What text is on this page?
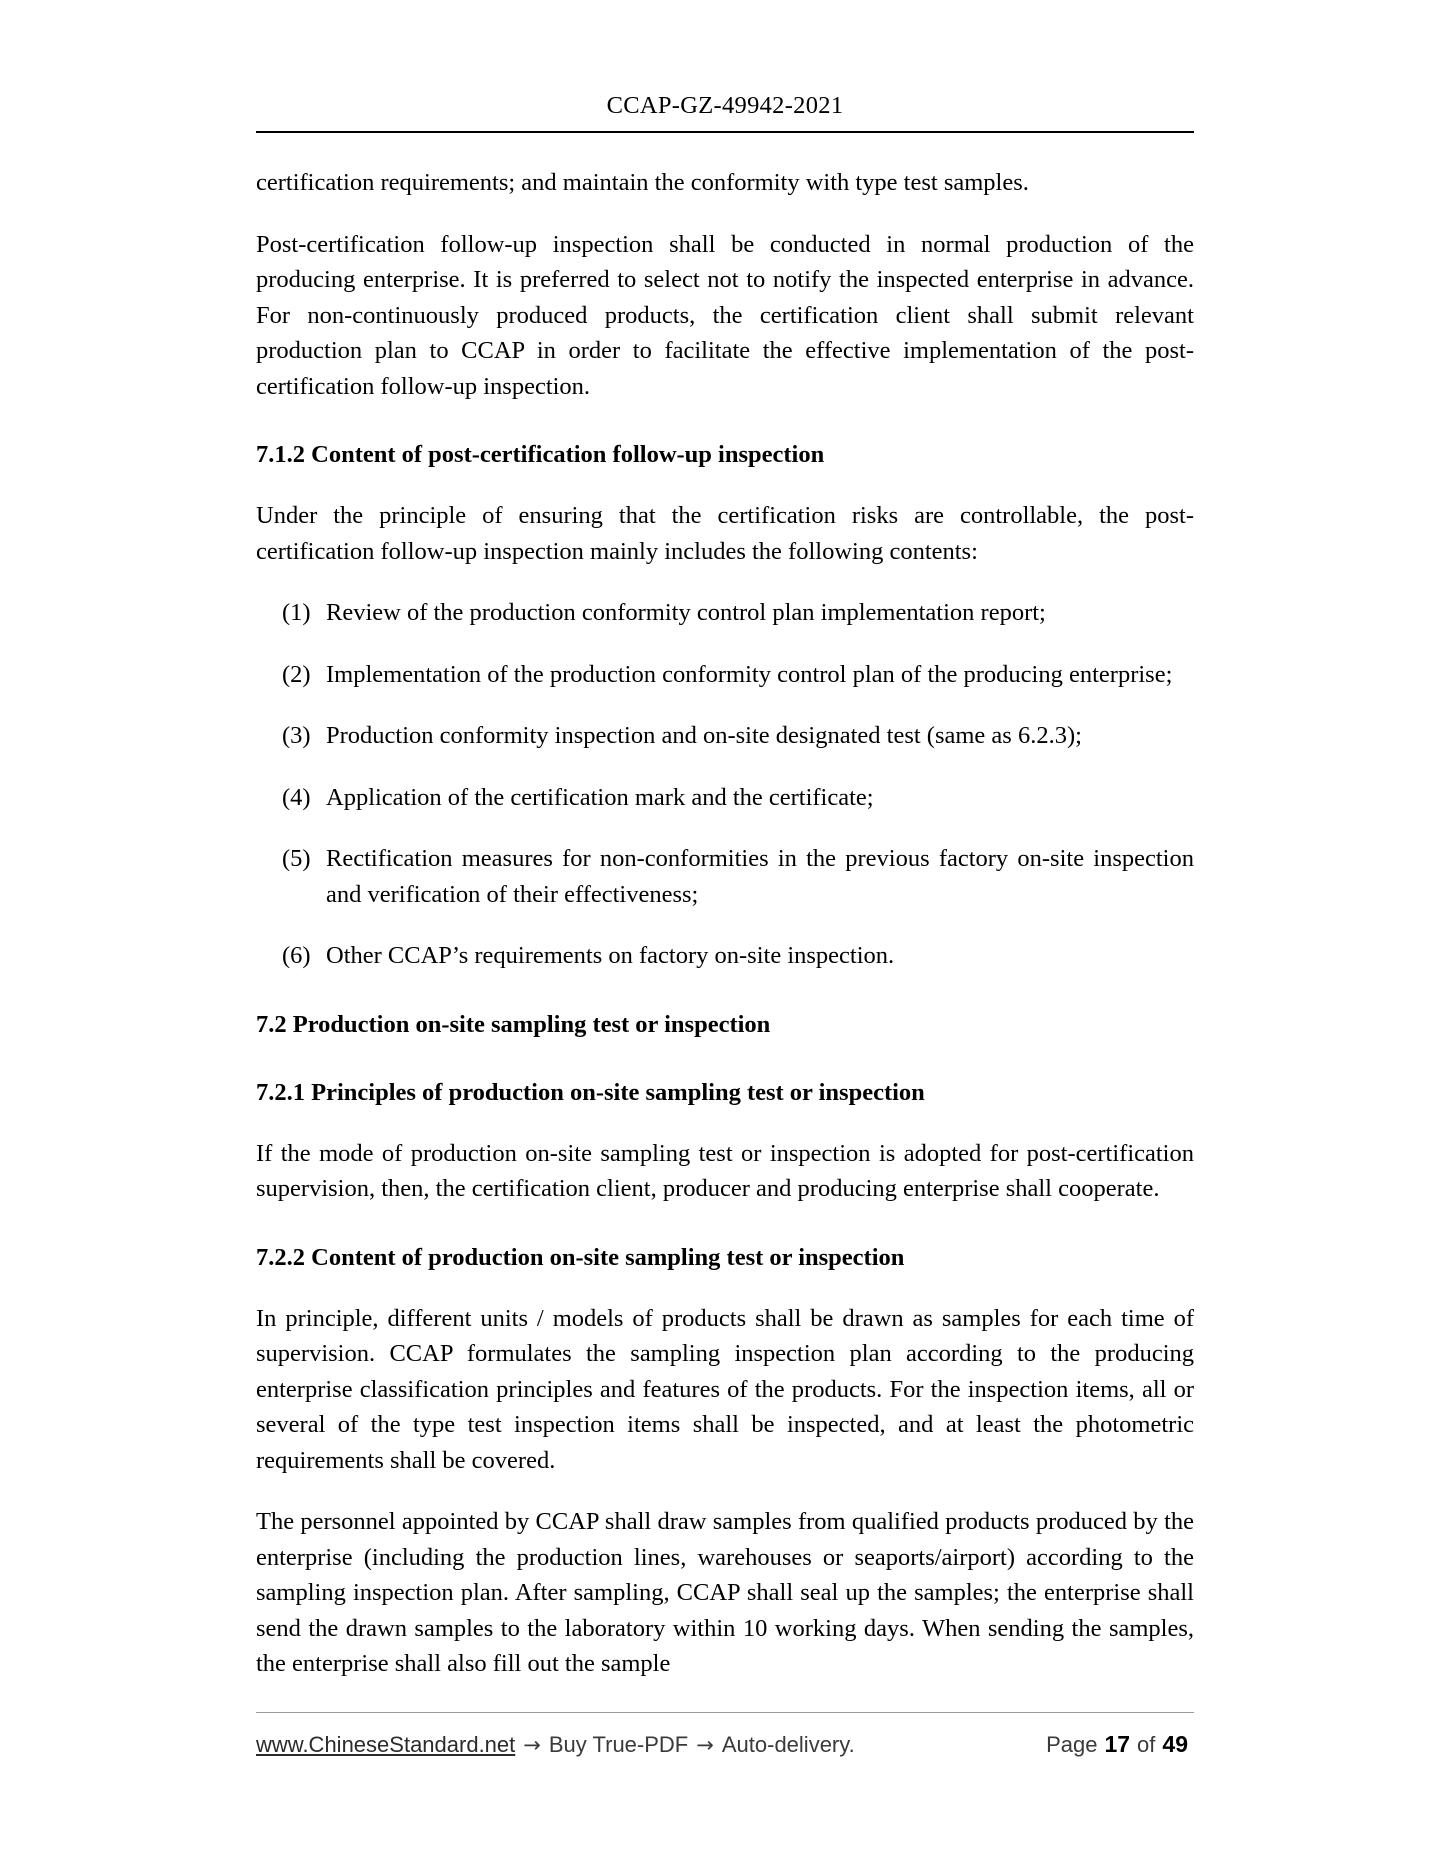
CCAP-GZ-49942-2021

certification requirements; and maintain the conformity with type test samples.

Post-certification follow-up inspection shall be conducted in normal production of the producing enterprise. It is preferred to select not to notify the inspected enterprise in advance. For non-continuously produced products, the certification client shall submit relevant production plan to CCAP in order to facilitate the effective implementation of the post-certification follow-up inspection.

7.1.2 Content of post-certification follow-up inspection

Under the principle of ensuring that the certification risks are controllable, the post-certification follow-up inspection mainly includes the following contents:

(1) Review of the production conformity control plan implementation report;
(2) Implementation of the production conformity control plan of the producing enterprise;
(3) Production conformity inspection and on-site designated test (same as 6.2.3);
(4) Application of the certification mark and the certificate;
(5) Rectification measures for non-conformities in the previous factory on-site inspection and verification of their effectiveness;
(6) Other CCAP’s requirements on factory on-site inspection.
7.2 Production on-site sampling test or inspection
7.2.1 Principles of production on-site sampling test or inspection

If the mode of production on-site sampling test or inspection is adopted for post-certification supervision, then, the certification client, producer and producing enterprise shall cooperate.

7.2.2 Content of production on-site sampling test or inspection

In principle, different units / models of products shall be drawn as samples for each time of supervision. CCAP formulates the sampling inspection plan according to the producing enterprise classification principles and features of the products. For the inspection items, all or several of the type test inspection items shall be inspected, and at least the photometric requirements shall be covered.

The personnel appointed by CCAP shall draw samples from qualified products produced by the enterprise (including the production lines, warehouses or seaports/airport) according to the sampling inspection plan. After sampling, CCAP shall seal up the samples; the enterprise shall send the drawn samples to the laboratory within 10 working days. When sending the samples, the enterprise shall also fill out the sample

www.ChineseStandard.net → Buy True-PDF → Auto-delivery.	Page 17 of 49
